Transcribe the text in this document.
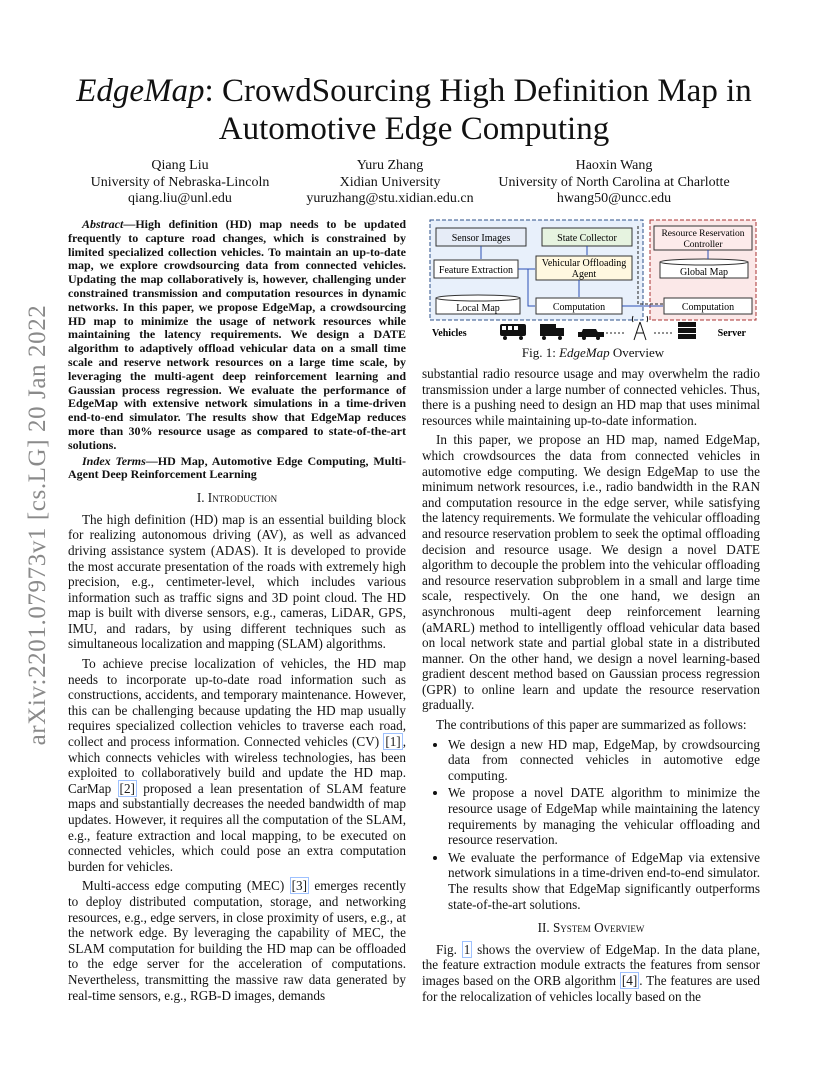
arXiv:2201.07973v1 [cs.LG] 20 Jan 2022
EdgeMap: CrowdSourcing High Definition Map in Automotive Edge Computing
Qiang Liu
University of Nebraska-Lincoln
qiang.liu@unl.edu
Yuru Zhang
Xidian University
yuruzhang@stu.xidian.edu.cn
Haoxin Wang
University of North Carolina at Charlotte
hwang50@uncc.edu

Abstract—High definition (HD) map needs to be updated frequently to capture road changes, which is constrained by limited specialized collection vehicles. To maintain an up-to-date map, we explore crowdsourcing data from connected vehicles. Updating the map collaboratively is, however, challenging under constrained transmission and computation resources in dynamic networks. In this paper, we propose EdgeMap, a crowdsourcing HD map to minimize the usage of network resources while maintaining the latency requirements. We design a DATE algorithm to adaptively offload vehicular data on a small time scale and reserve network resources on a large time scale, by leveraging the multi-agent deep reinforcement learning and Gaussian process regression. We evaluate the performance of EdgeMap with extensive network simulations in a time-driven end-to-end simulator. The results show that EdgeMap reduces more than 30% resource usage as compared to state-of-the-art solutions.

Index Terms—HD Map, Automotive Edge Computing, Multi-Agent Deep Reinforcement Learning

I. Introduction

The high definition (HD) map is an essential building block for realizing autonomous driving (AV), as well as advanced driving assistance system (ADAS). It is developed to provide the most accurate presentation of the roads with extremely high precision, e.g., centimeter-level, which includes various information such as traffic signs and 3D point cloud. The HD map is built with diverse sensors, e.g., cameras, LiDAR, GPS, IMU, and radars, by using different techniques such as simultaneous localization and mapping (SLAM) algorithms.

To achieve precise localization of vehicles, the HD map needs to incorporate up-to-date road information such as constructions, accidents, and temporary maintenance. However, this can be challenging because updating the HD map usually requires specialized collection vehicles to traverse each road, collect and process information. Connected vehicles (CV) [1] , which connects vehicles with wireless technologies, has been exploited to collaboratively build and update the HD map. CarMap [2] proposed a lean presentation of SLAM feature maps and substantially decreases the needed bandwidth of map updates. However, it requires all the computation of the SLAM, e.g., feature extraction and local mapping, to be executed on connected vehicles, which could pose an extra computation burden for vehicles.

Multi-access edge computing (MEC) [3] emerges recently to deploy distributed computation, storage, and networking resources, e.g., edge servers, in close proximity of users, e.g., at the network edge. By leveraging the capability of MEC, the SLAM computation for building the HD map can be offloaded to the edge server for the acceleration of computations. Nevertheless, transmitting the massive raw data generated by real-time sensors, e.g., RGB-D images, demands

Sensor Images
Feature Extraction
Local Map
State Collector
Vehicular Offloading
Agent
Computation
Resource Reservation
Controller
Global Map
Computation
Vehicles	Server
Fig. 1: EdgeMap Overview

substantial radio resource usage and may overwhelm the radio transmission under a large number of connected vehicles. Thus, there is a pushing need to design an HD map that uses minimal resources while maintaining up-to-date information.

In this paper, we propose an HD map, named EdgeMap, which crowdsources the data from connected vehicles in automotive edge computing. We design EdgeMap to use the minimum network resources, i.e., radio bandwidth in the RAN and computation resource in the edge server, while satisfying the latency requirements. We formulate the vehicular offloading and resource reservation problem to seek the optimal offloading decision and resource usage. We design a novel DATE algorithm to decouple the problem into the vehicular offloading and resource reservation subproblem in a small and large time scale, respectively. On the one hand, we design an asynchronous multi-agent deep reinforcement learning (aMARL) method to intelligently offload vehicular data based on local network state and partial global state in a distributed manner. On the other hand, we design a novel learning-based gradient descent method based on Gaussian process regression (GPR) to online learn and update the resource reservation gradually.

The contributions of this paper are summarized as follows:

• We design a new HD map, EdgeMap, by crowdsourcing data from connected vehicles in automotive edge computing.
• We propose a novel DATE algorithm to minimize the resource usage of EdgeMap while maintaining the latency requirements by managing the vehicular offloading and resource reservation.
• We evaluate the performance of EdgeMap via extensive network simulations in a time-driven end-to-end simulator. The results show that EdgeMap significantly outperforms state-of-the-art solutions.
II. System Overview

Fig. 1 shows the overview of EdgeMap. In the data plane, the feature extraction module extracts the features from sensor images based on the ORB algorithm [4] . The features are used for the relocalization of vehicles locally based on the
